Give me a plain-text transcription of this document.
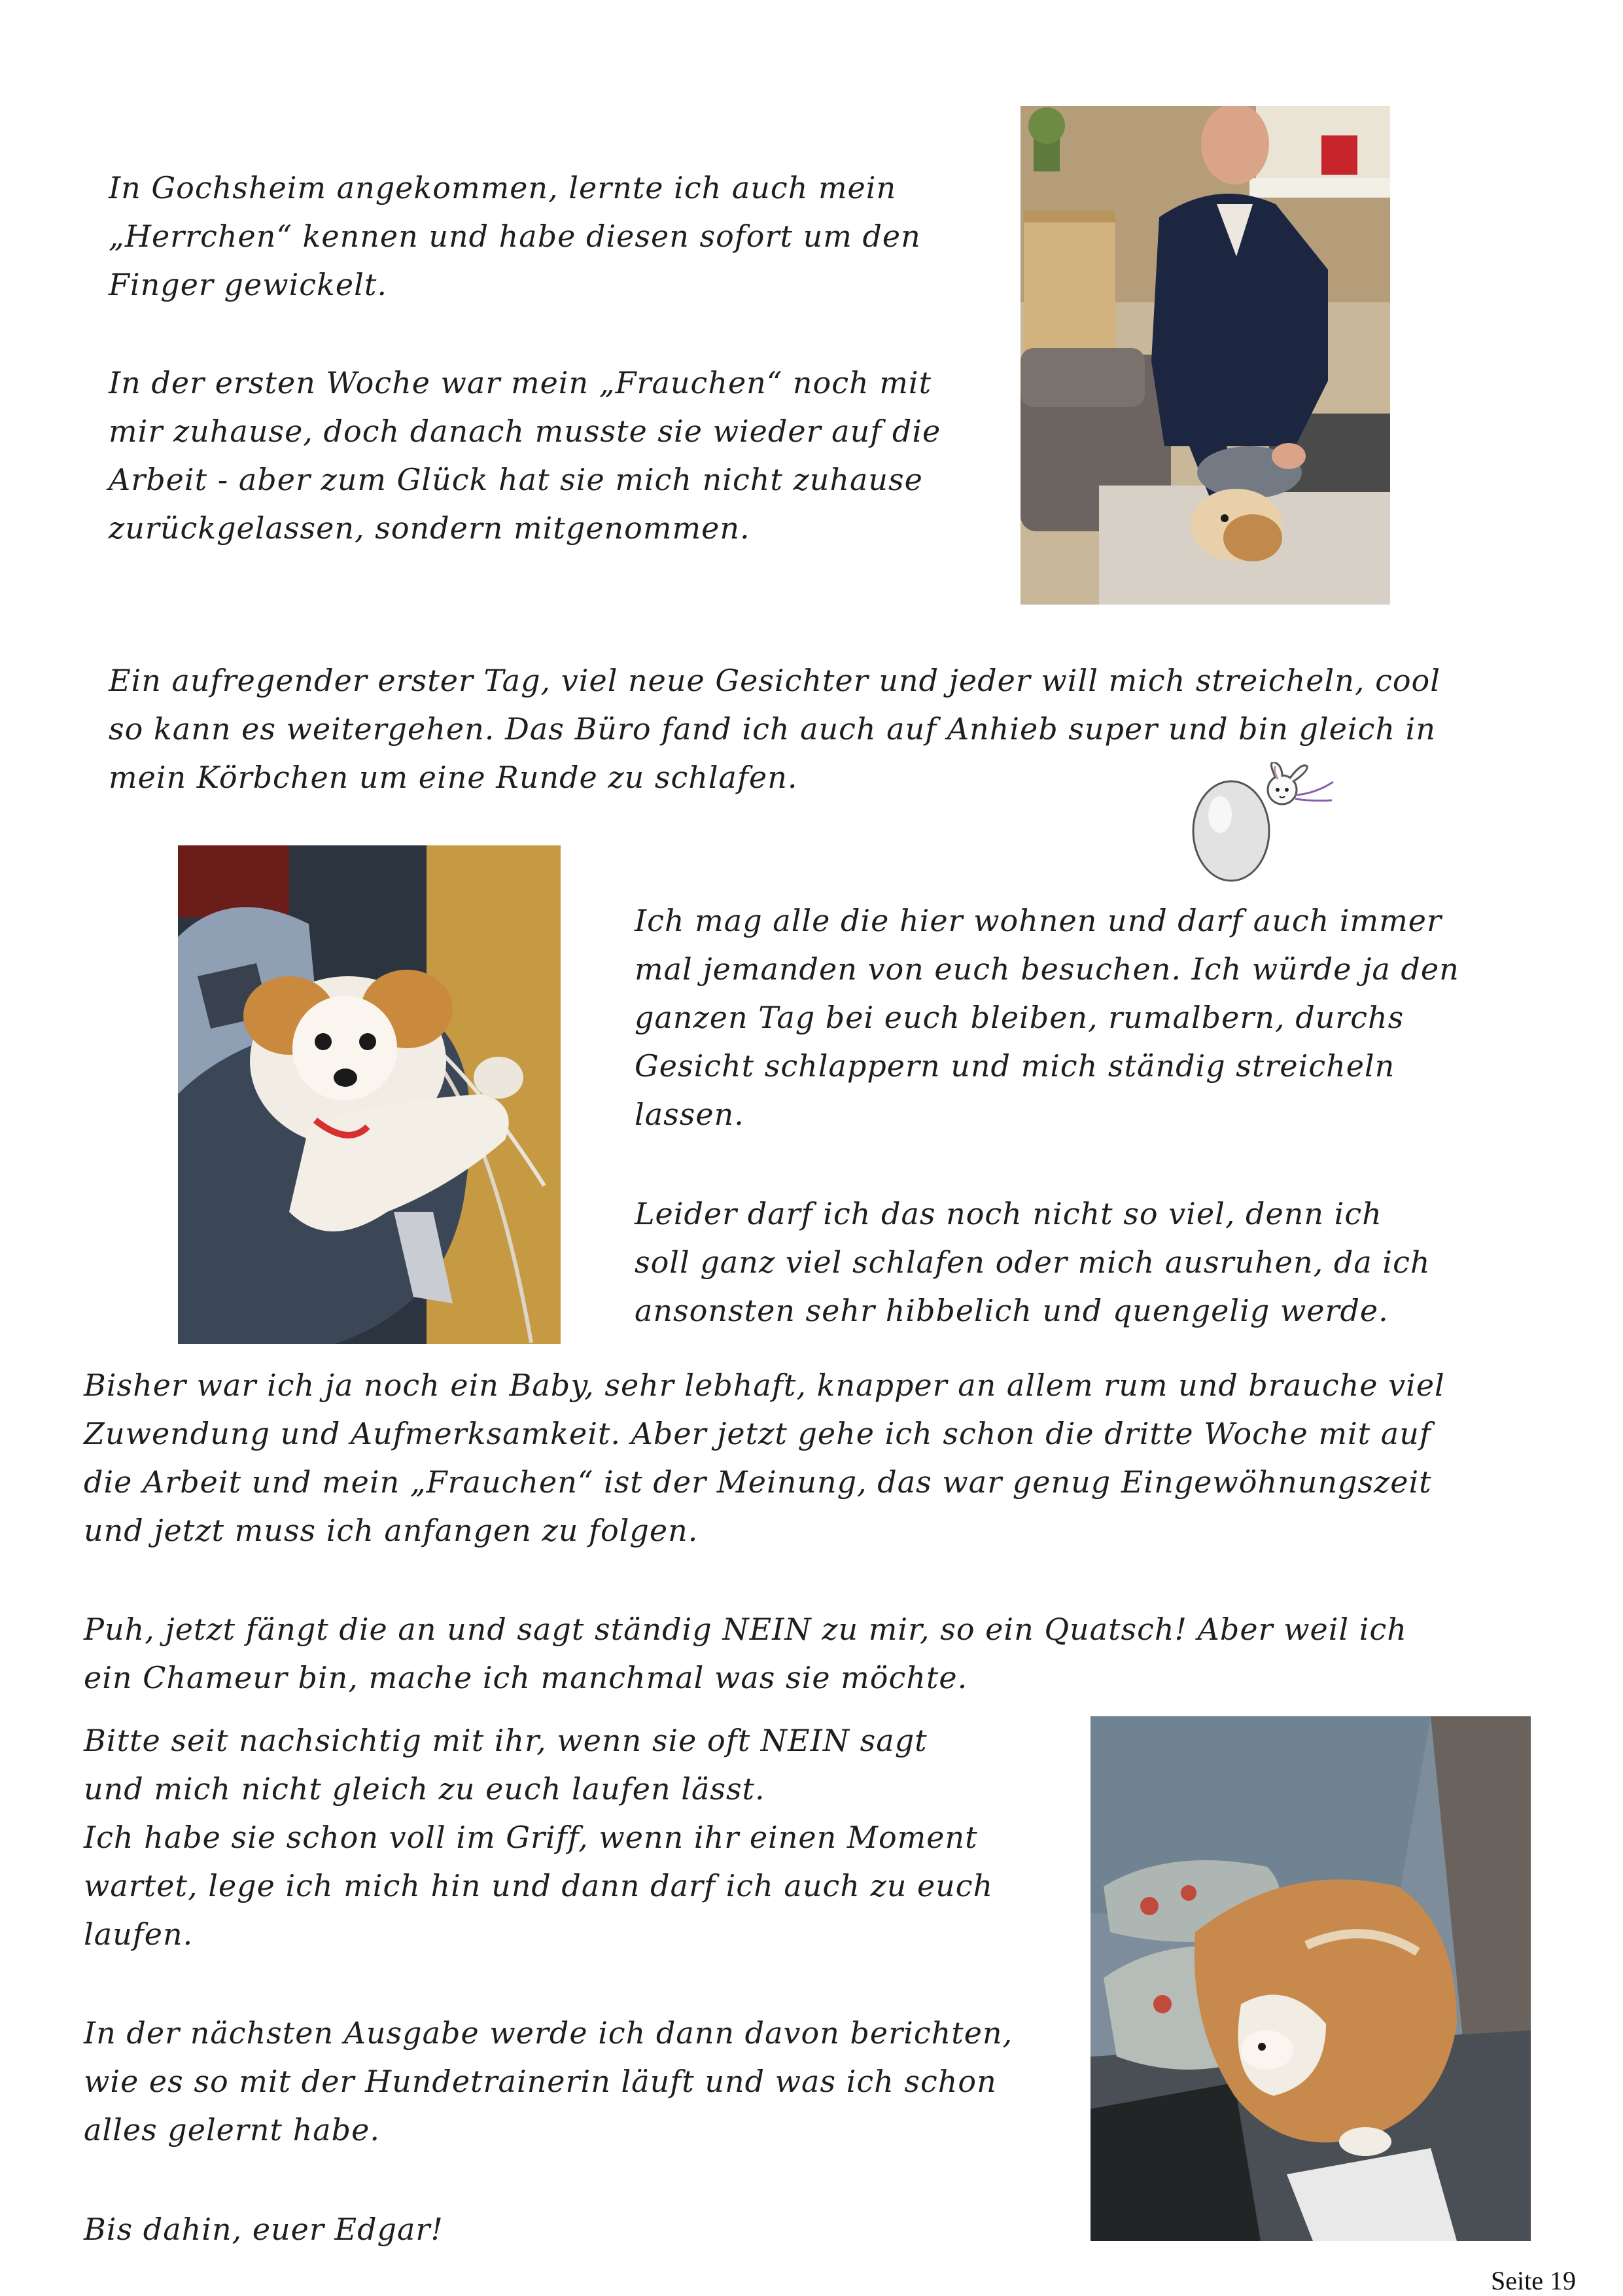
In Gochsheim angekommen, lernte ich auch mein
„Herrchen“ kennen und habe diesen sofort um den
Finger gewickelt.

In der ersten Woche war mein „Frauchen“ noch mit
mir zuhause, doch danach musste sie wieder auf die
Arbeit - aber zum Glück hat sie mich nicht zuhause
zurückgelassen, sondern mitgenommen.

Ein aufregender erster Tag, viel neue Gesichter und jeder will mich streicheln, cool
so kann es weitergehen. Das Büro fand ich auch auf Anhieb super und bin gleich in
mein Körbchen um eine Runde zu schlafen.

Ich mag alle die hier wohnen und darf auch immer
mal jemanden von euch besuchen. Ich würde ja den
ganzen Tag bei euch bleiben, rumalbern, durchs
Gesicht schlappern und mich ständig streicheln
lassen.

Leider darf ich das noch nicht so viel, denn ich
soll ganz viel schlafen oder mich ausruhen, da ich
ansonsten sehr hibbelich und quengelig werde.

Bisher war ich ja noch ein Baby, sehr lebhaft, knapper an allem rum und brauche viel
Zuwendung und Aufmerksamkeit. Aber jetzt gehe ich schon die dritte Woche mit auf
die Arbeit und mein „Frauchen“ ist der Meinung, das war genug Eingewöhnungszeit
und jetzt muss ich anfangen zu folgen.

Puh, jetzt fängt die an und sagt ständig NEIN zu mir, so ein Quatsch! Aber weil ich
ein Chameur bin, mache ich manchmal was sie möchte.

Bitte seit nachsichtig mit ihr, wenn sie oft NEIN sagt
und mich nicht gleich zu euch laufen lässt.
Ich habe sie schon voll im Griff, wenn ihr einen Moment
wartet, lege ich mich hin und dann darf ich auch zu euch
laufen.

In der nächsten Ausgabe werde ich dann davon berichten,
wie es so mit der Hundetrainerin läuft und was ich schon
alles gelernt habe.

Bis dahin, euer Edgar!

Seite 19
